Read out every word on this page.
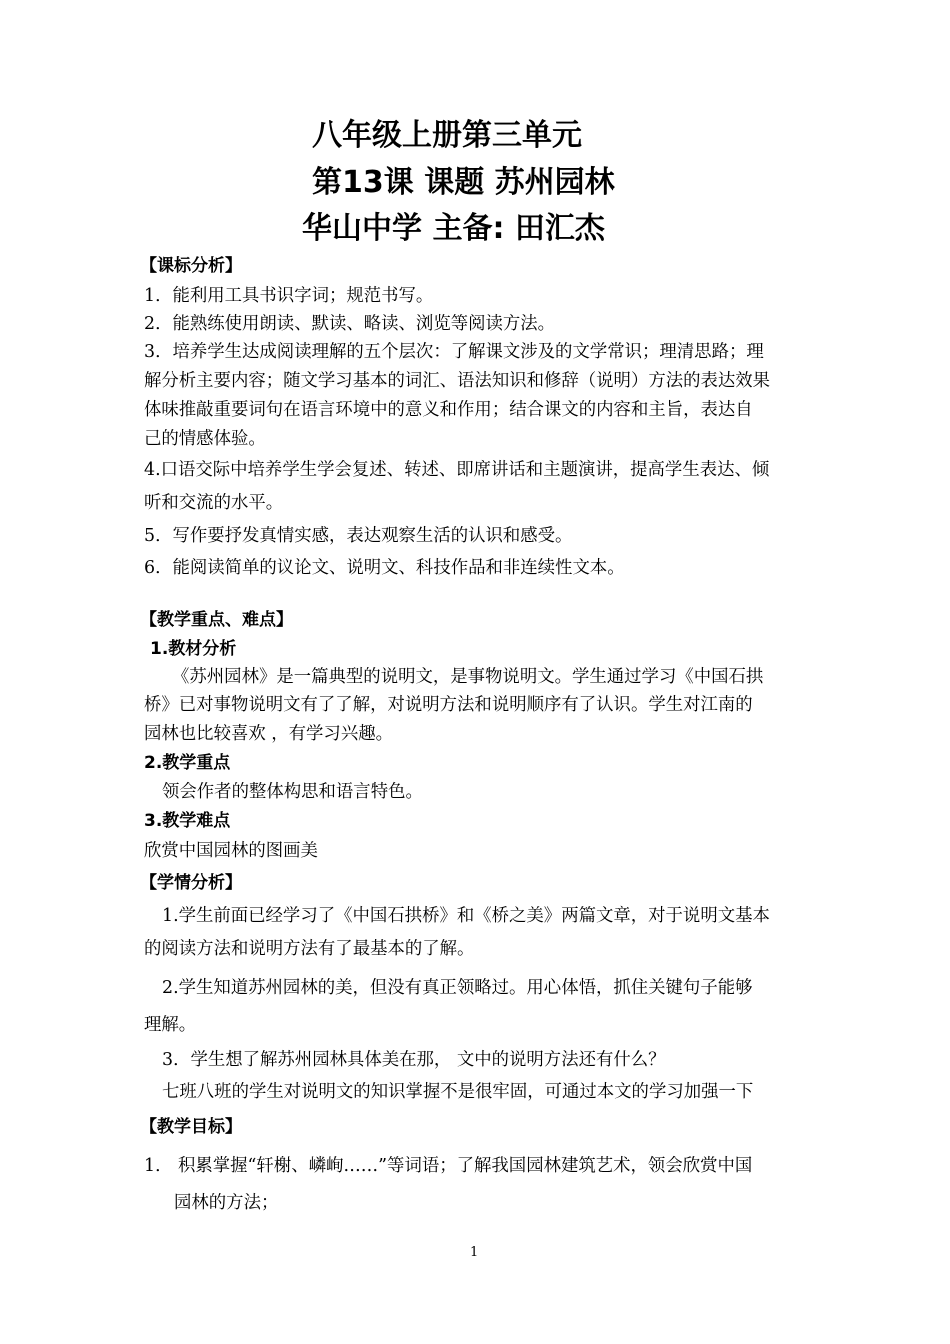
八年级上册第三单元
第13课 课题 苏州园林
华山中学 主备: 田汇杰
【课标分析】
1．能利用工具书识字词；规范书写。
2．能熟练使用朗读、默读、略读、浏览等阅读方法。
3．培养学生达成阅读理解的五个层次：了解课文涉及的文学常识；理清思路；理
解分析主要内容；随文学习基本的词汇、语法知识和修辞（说明）方法的表达效果
体味推敲重要词句在语言环境中的意义和作用；结合课文的内容和主旨，表达自
己的情感体验。
4.口语交际中培养学生学会复述、转述、即席讲话和主题演讲，提高学生表达、倾
听和交流的水平。
5．写作要抒发真情实感，表达观察生活的认识和感受。
6．能阅读简单的议论文、说明文、科技作品和非连续性文本。
【教学重点、难点】
1.教材分析
《苏州园林》是一篇典型的说明文，是事物说明文。学生通过学习《中国石拱
桥》已对事物说明文有了了解，对说明方法和说明顺序有了认识。学生对江南的
园林也比较喜欢 ，有学习兴趣。
2.教学重点
领会作者的整体构思和语言特色。
3.教学难点
欣赏中国园林的图画美
【学情分析】
1.学生前面已经学习了《中国石拱桥》和《桥之美》两篇文章，对于说明文基本
的阅读方法和说明方法有了最基本的了解。
2.学生知道苏州园林的美，但没有真正领略过。用心体悟，抓住关键句子能够
理解。
3．学生想了解苏州园林具体美在那， 文中的说明方法还有什么？
七班八班的学生对说明文的知识掌握不是很牢固，可通过本文的学习加强一下
【教学目标】
1． 积累掌握“轩榭、嶙峋……”等词语；了解我国园林建筑艺术，领会欣赏中国
园林的方法；
1
